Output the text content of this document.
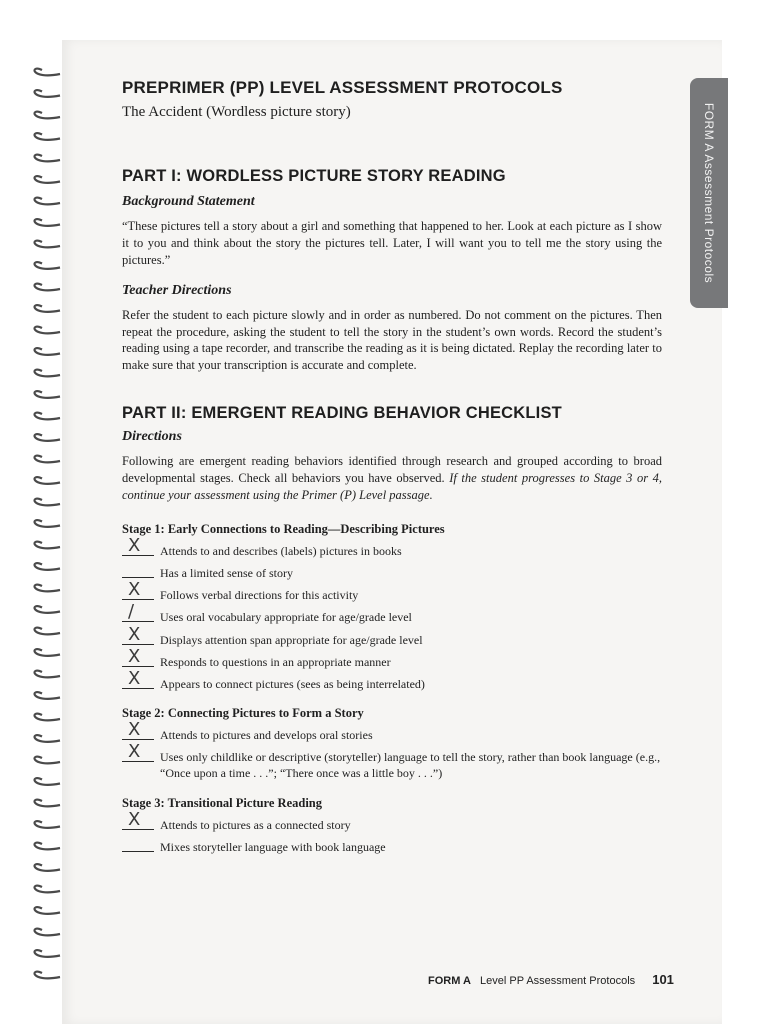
FORM A Assessment Protocols
PREPRIMER (PP) LEVEL ASSESSMENT PROTOCOLS

The Accident (Wordless picture story)

PART I: WORDLESS PICTURE STORY READING
Background Statement

“These pictures tell a story about a girl and something that happened to her. Look at each picture as I show it to you and think about the story the pictures tell. Later, I will want you to tell me the story using the pictures.”

Teacher Directions

Refer the student to each picture slowly and in order as numbered. Do not comment on the pictures. Then repeat the procedure, asking the student to tell the story in the student’s own words. Record the student’s reading using a tape recorder, and transcribe the reading as it is being dictated. Replay the recording later to make sure that your transcription is accurate and complete.

PART II: EMERGENT READING BEHAVIOR CHECKLIST
Directions

Following are emergent reading behaviors identified through research and grouped according to broad developmental stages. Check all behaviors you have observed. If the student progresses to Stage 3 or 4, continue your assessment using the Primer (P) Level passage.

Stage 1: Early Connections to Reading—Describing Pictures
X Attends to and describes (labels) pictures in books
Has a limited sense of story
X Follows verbal directions for this activity
/ Uses oral vocabulary appropriate for age/grade level
X Displays attention span appropriate for age/grade level
X Responds to questions in an appropriate manner
X Appears to connect pictures (sees as being interrelated)
Stage 2: Connecting Pictures to Form a Story
X Attends to pictures and develops oral stories
X Uses only childlike or descriptive (storyteller) language to tell the story, rather than book language (e.g., “Once upon a time . . .”; “There once was a little boy . . .”)
Stage 3: Transitional Picture Reading
X Attends to pictures as a connected story
Mixes storyteller language with book language
FORM A Level PP Assessment Protocols 101
